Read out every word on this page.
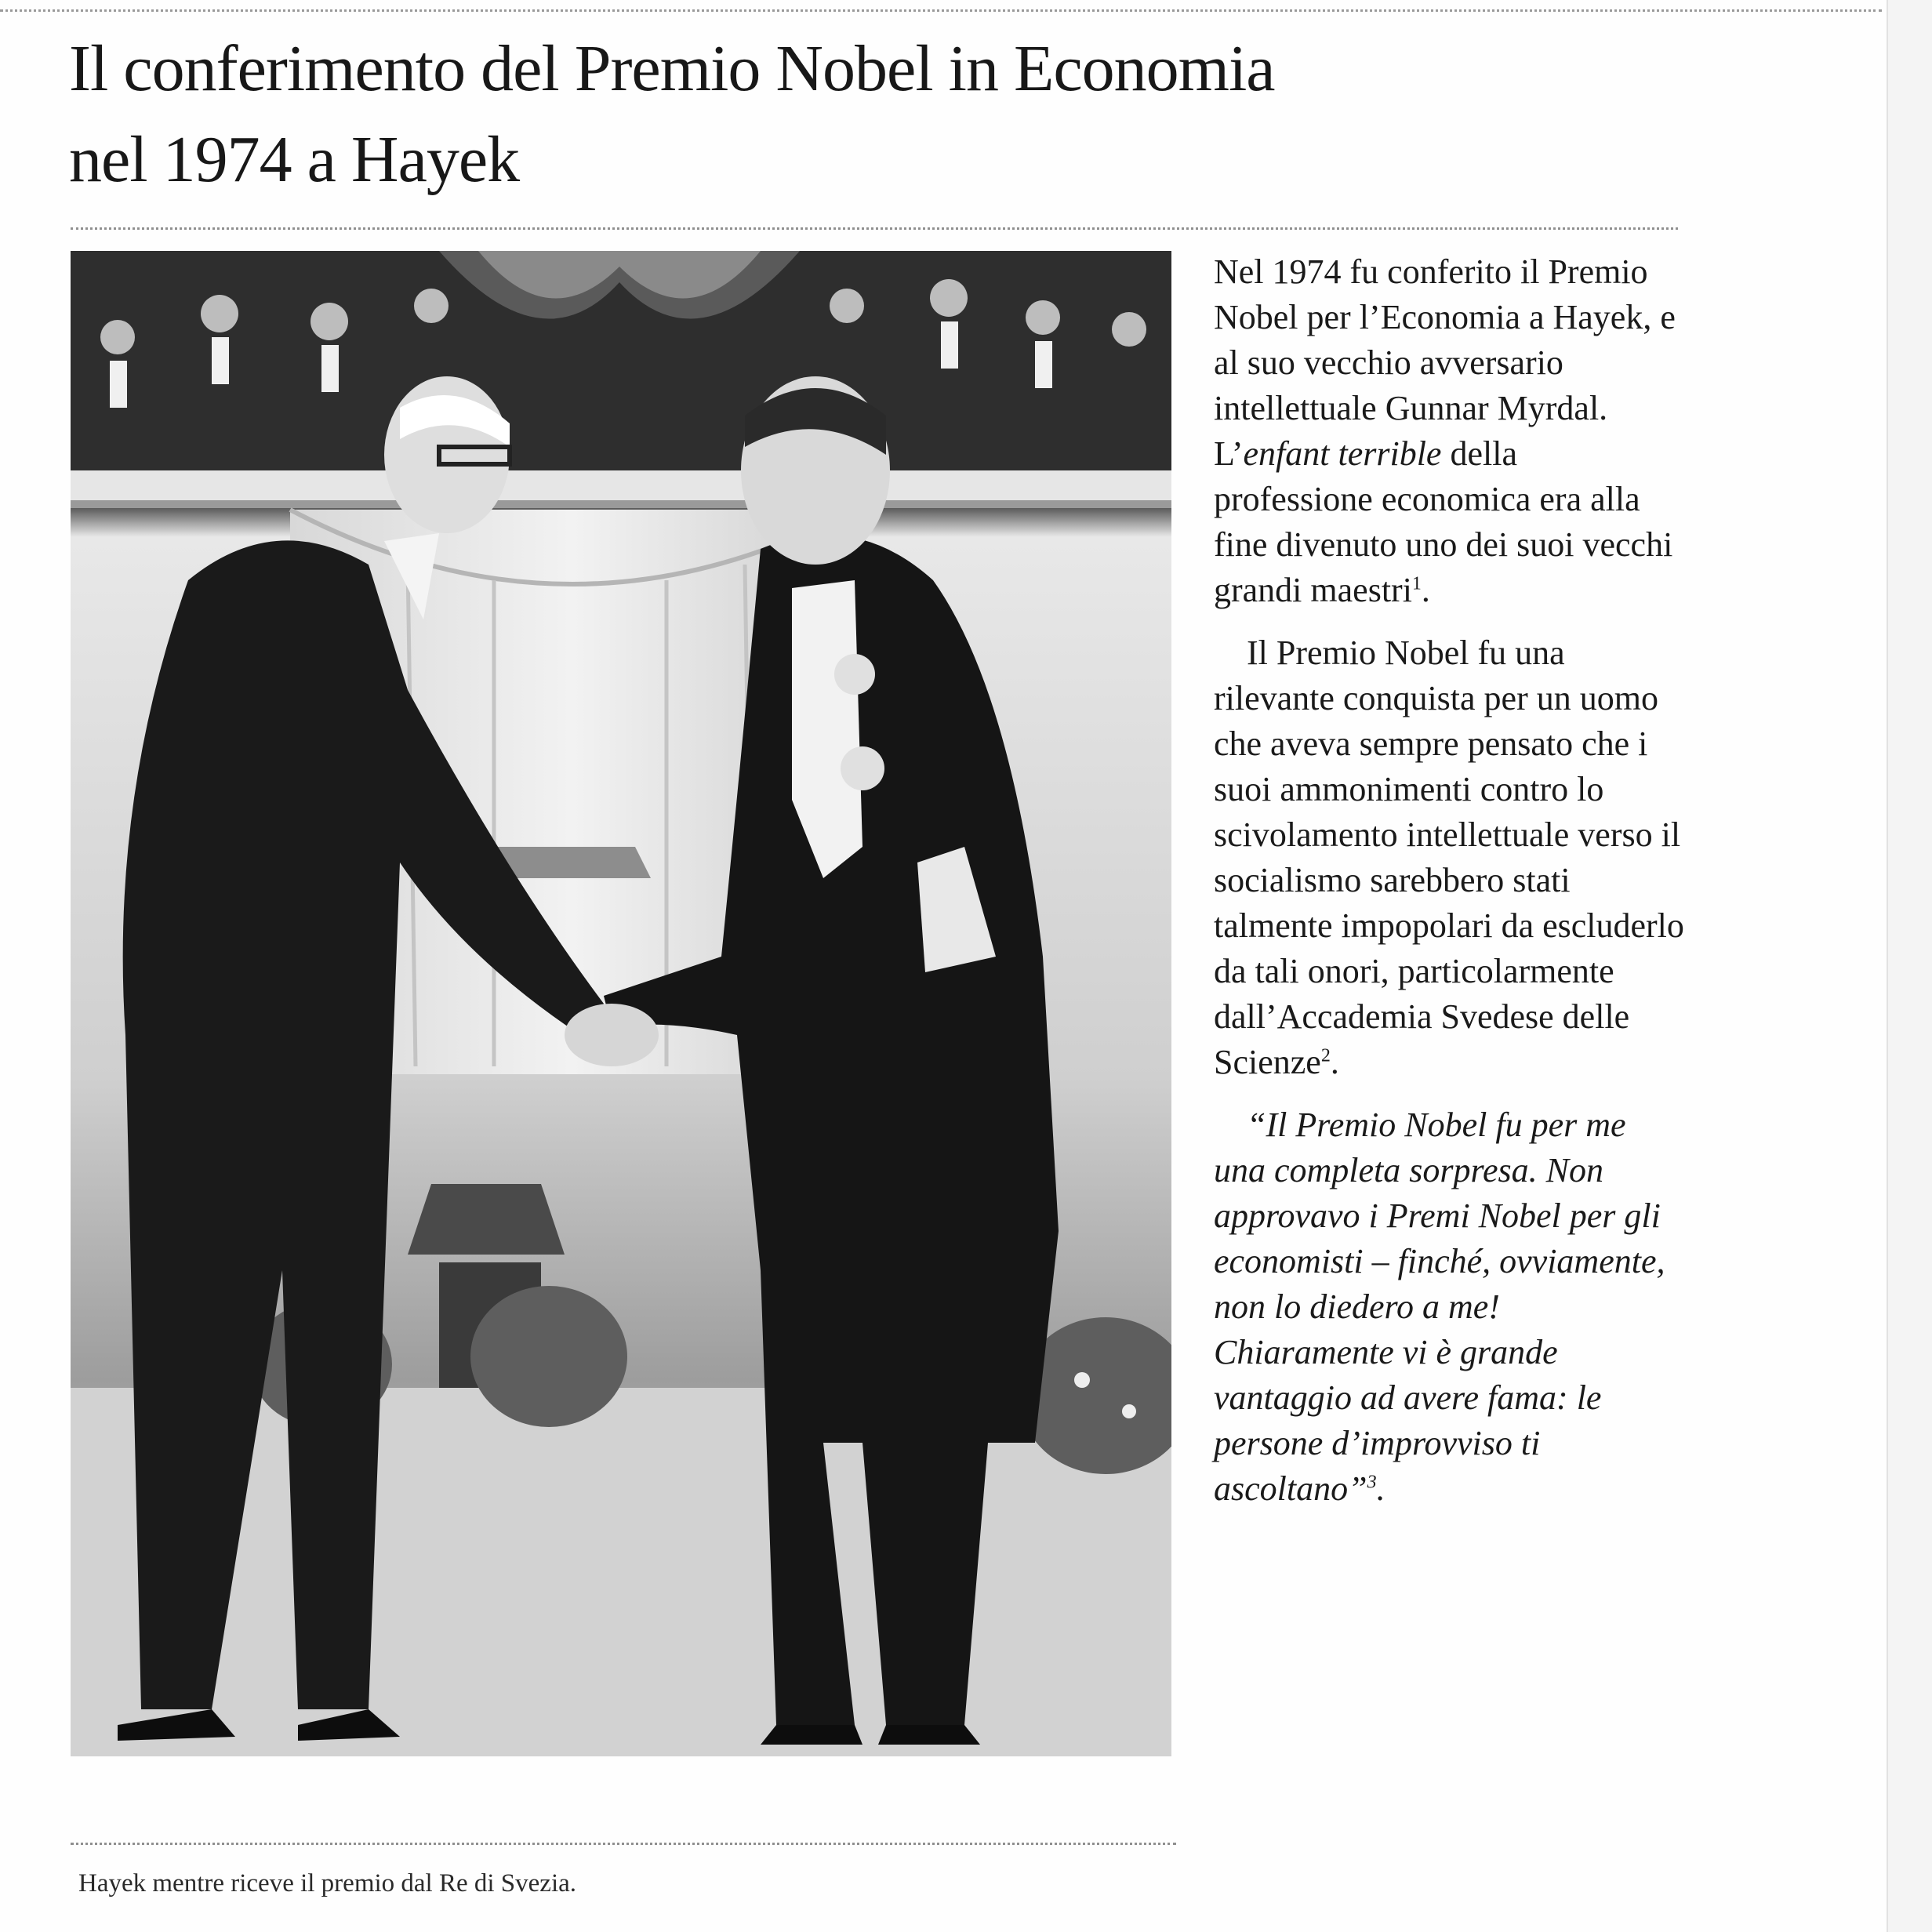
Il conferimento del Premio Nobel in Economia
nel 1974 a Hayek
Hayek mentre riceve il premio dal Re di Svezia.

Nel 1974 fu conferito il Premio Nobel per l’Economia a Hayek, e al suo vecchio avversario intellettuale Gunnar Myrdal. L’enfant terrible della professione economica era alla fine divenuto uno dei suoi vecchi grandi maestri$^1$.

Il Premio Nobel fu una rilevante conquista per un uomo che aveva sempre pensato che i suoi ammonimenti contro lo scivolamento intellettuale verso il socialismo sarebbero stati talmente impopolari da escluderlo da tali onori, particolarmente dall’Accademia Svedese delle Scienze$^2$.

“Il Premio Nobel fu per me una completa sorpresa. Non approvavo i Premi Nobel per gli economisti – finché, ovviamente, non lo diedero a me! Chiaramente vi è grande vantaggio ad avere fama: le persone d’improvviso ti ascoltano”$^3$.
